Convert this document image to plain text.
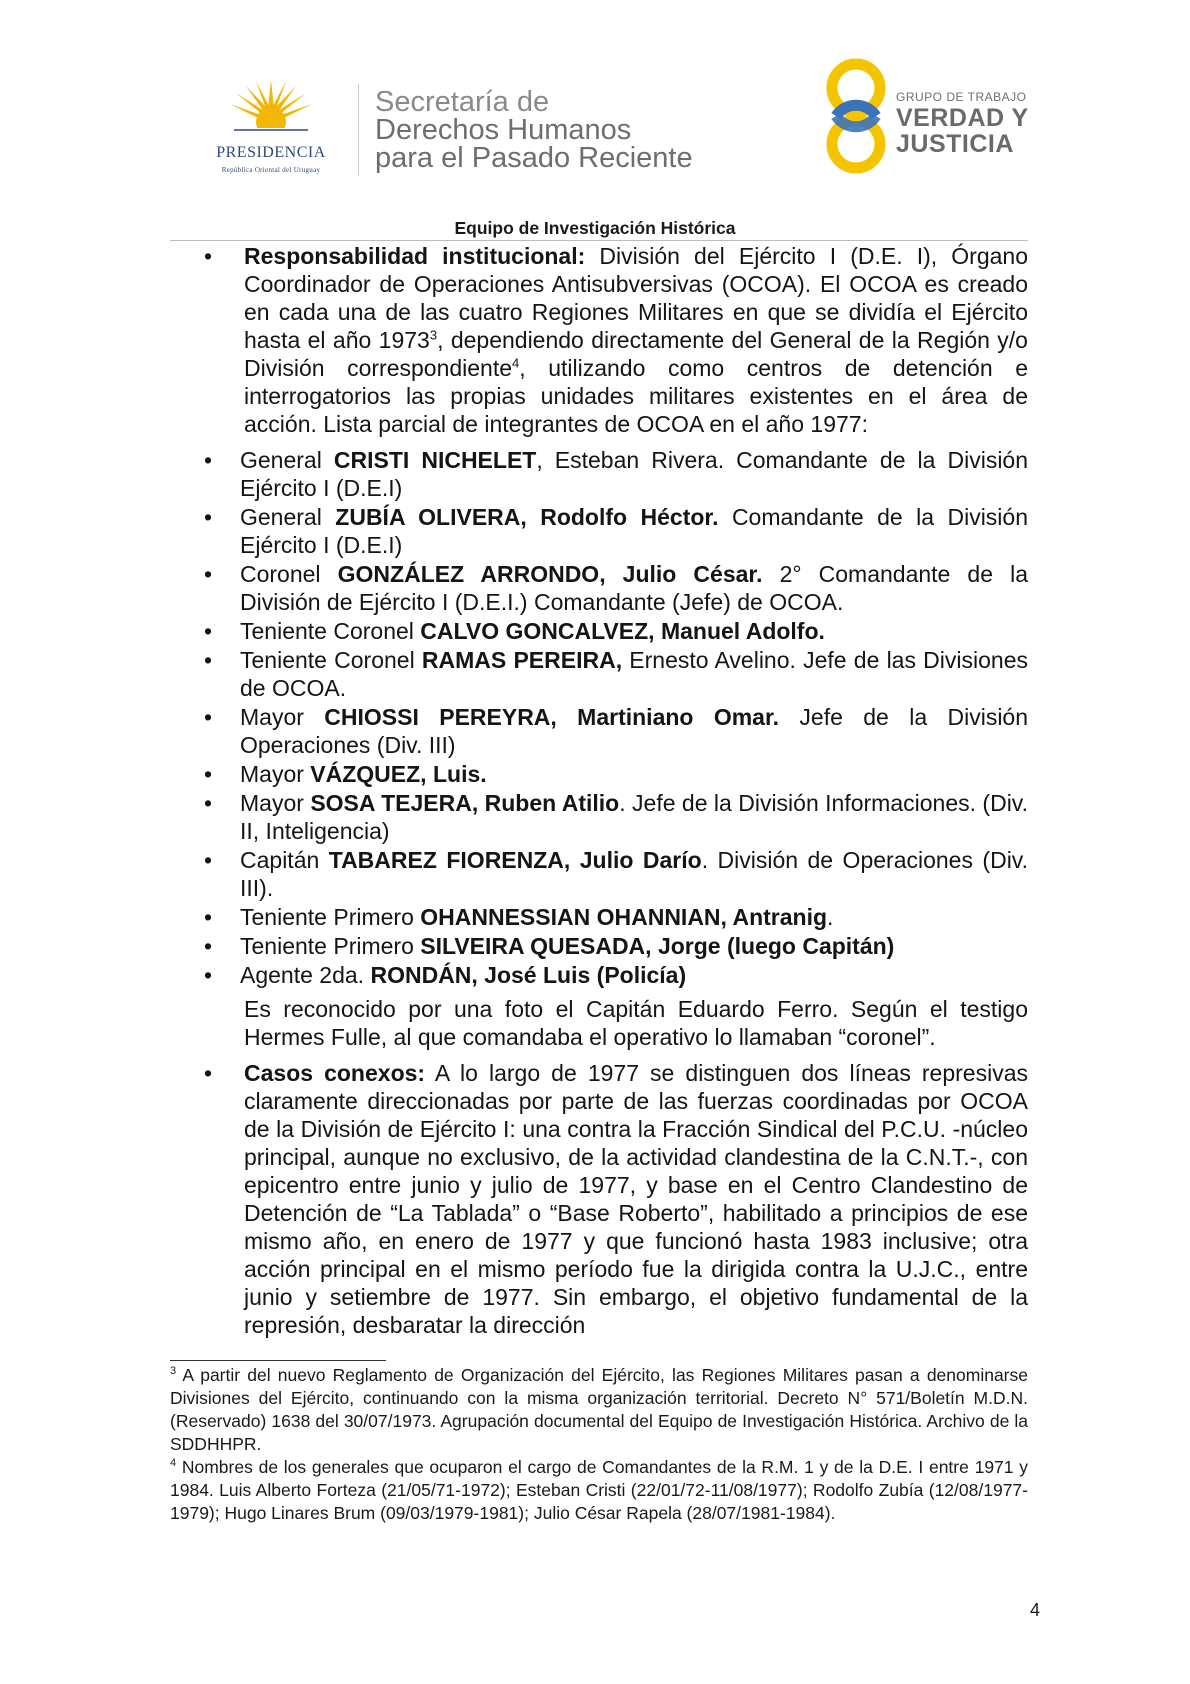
PRESIDENCIA
República Oriental del Uruguay
Secretaría de
Derechos Humanos
para el Pasado Reciente
GRUPO DE TRABAJO
VERDAD Y
JUSTICIA
Equipo de Investigación Histórica
• Responsabilidad institucional: División del Ejército I (D.E. I), Órgano Coordinador de Operaciones Antisubversivas (OCOA). El OCOA es creado en cada una de las cuatro Regiones Militares en que se dividía el Ejército hasta el año 1973$^3$, dependiendo directamente del General de la Región y/o División correspondiente$^4$, utilizando como centros de detención e interrogatorios las propias unidades militares existentes en el área de acción. Lista parcial de integrantes de OCOA en el año 1977:
• General CRISTI NICHELET, Esteban Rivera. Comandante de la División Ejército I (D.E.I)
• General ZUBÍA OLIVERA, Rodolfo Héctor. Comandante de la División Ejército I (D.E.I)
• Coronel GONZÁLEZ ARRONDO, Julio César. 2° Comandante de la División de Ejército I (D.E.I.) Comandante (Jefe) de OCOA.
• Teniente Coronel CALVO GONCALVEZ, Manuel Adolfo.
• Teniente Coronel RAMAS PEREIRA, Ernesto Avelino. Jefe de las Divisiones de OCOA.
• Mayor CHIOSSI PEREYRA, Martiniano Omar. Jefe de la División Operaciones (Div. III)
• Mayor VÁZQUEZ, Luis.
• Mayor SOSA TEJERA, Ruben Atilio. Jefe de la División Informaciones. (Div. II, Inteligencia)
• Capitán TABAREZ FIORENZA, Julio Darío. División de Operaciones (Div. III).
• Teniente Primero OHANNESSIAN OHANNIAN, Antranig.
• Teniente Primero SILVEIRA QUESADA, Jorge (luego Capitán)
• Agente 2da. RONDÁN, José Luis (Policía)
Es reconocido por una foto el Capitán Eduardo Ferro. Según el testigo Hermes Fulle, al que comandaba el operativo lo llamaban “coronel”.
• Casos conexos: A lo largo de 1977 se distinguen dos líneas represivas claramente direccionadas por parte de las fuerzas coordinadas por OCOA de la División de Ejército I: una contra la Fracción Sindical del P.C.U. -núcleo principal, aunque no exclusivo, de la actividad clandestina de la C.N.T.-, con epicentro entre junio y julio de 1977, y base en el Centro Clandestino de Detención de “La Tablada” o “Base Roberto”, habilitado a principios de ese mismo año, en enero de 1977 y que funcionó hasta 1983 inclusive; otra acción principal en el mismo período fue la dirigida contra la U.J.C., entre junio y setiembre de 1977. Sin embargo, el objetivo fundamental de la represión, desbaratar la dirección
$^3$ A partir del nuevo Reglamento de Organización del Ejército, las Regiones Militares pasan a denominarse Divisiones del Ejército, continuando con la misma organización territorial. Decreto N° 571/Boletín M.D.N. (Reservado) 1638 del 30/07/1973. Agrupación documental del Equipo de Investigación Histórica. Archivo de la SDDHHPR.
$^4$ Nombres de los generales que ocuparon el cargo de Comandantes de la R.M. 1 y de la D.E. I entre 1971 y 1984. Luis Alberto Forteza (21/05/71-1972); Esteban Cristi (22/01/72-11/08/1977); Rodolfo Zubía (12/08/1977-1979); Hugo Linares Brum (09/03/1979-1981); Julio César Rapela (28/07/1981-1984).
4
